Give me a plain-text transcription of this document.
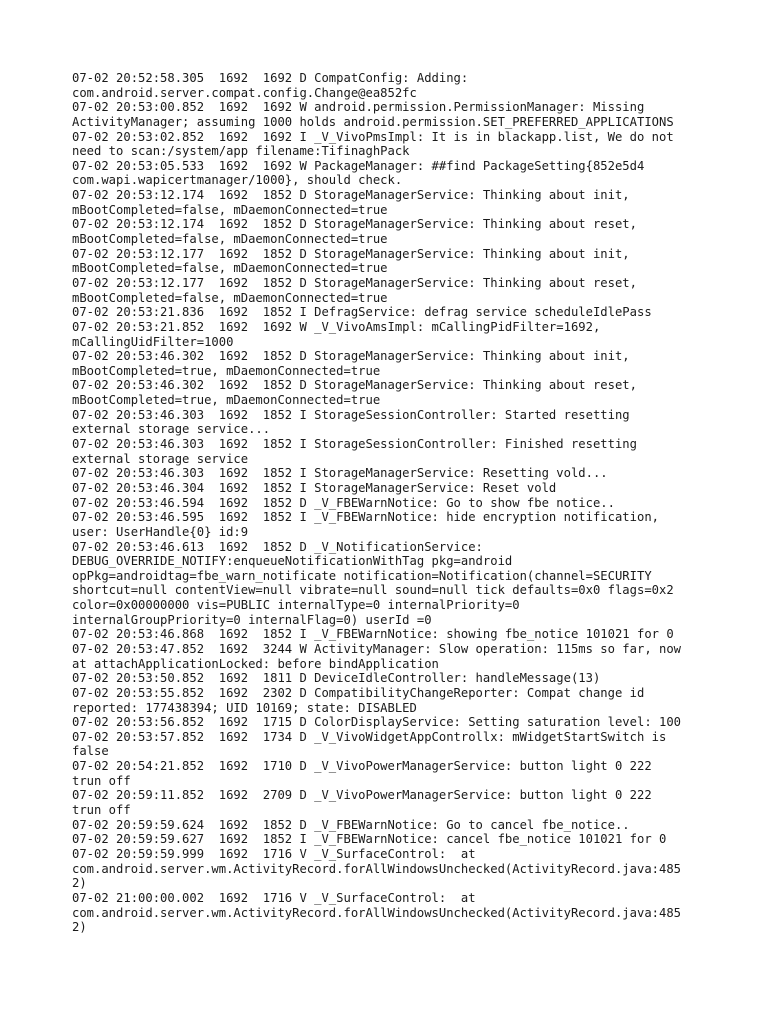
07-02 20:52:58.305  1692  1692 D CompatConfig: Adding:
com.android.server.compat.config.Change@ea852fc
07-02 20:53:00.852  1692  1692 W android.permission.PermissionManager: Missing
ActivityManager; assuming 1000 holds android.permission.SET_PREFERRED_APPLICATIONS
07-02 20:53:02.852  1692  1692 I _V_VivoPmsImpl: It is in blackapp.list, We do not
need to scan:/system/app filename:TifinaghPack
07-02 20:53:05.533  1692  1692 W PackageManager: ##find PackageSetting{852e5d4
com.wapi.wapicertmanager/1000}, should check.
07-02 20:53:12.174  1692  1852 D StorageManagerService: Thinking about init,
mBootCompleted=false, mDaemonConnected=true
07-02 20:53:12.174  1692  1852 D StorageManagerService: Thinking about reset,
mBootCompleted=false, mDaemonConnected=true
07-02 20:53:12.177  1692  1852 D StorageManagerService: Thinking about init,
mBootCompleted=false, mDaemonConnected=true
07-02 20:53:12.177  1692  1852 D StorageManagerService: Thinking about reset,
mBootCompleted=false, mDaemonConnected=true
07-02 20:53:21.836  1692  1852 I DefragService: defrag service scheduleIdlePass
07-02 20:53:21.852  1692  1692 W _V_VivoAmsImpl: mCallingPidFilter=1692,
mCallingUidFilter=1000
07-02 20:53:46.302  1692  1852 D StorageManagerService: Thinking about init,
mBootCompleted=true, mDaemonConnected=true
07-02 20:53:46.302  1692  1852 D StorageManagerService: Thinking about reset,
mBootCompleted=true, mDaemonConnected=true
07-02 20:53:46.303  1692  1852 I StorageSessionController: Started resetting
external storage service...
07-02 20:53:46.303  1692  1852 I StorageSessionController: Finished resetting
external storage service
07-02 20:53:46.303  1692  1852 I StorageManagerService: Resetting vold...
07-02 20:53:46.304  1692  1852 I StorageManagerService: Reset vold
07-02 20:53:46.594  1692  1852 D _V_FBEWarnNotice: Go to show fbe notice..
07-02 20:53:46.595  1692  1852 I _V_FBEWarnNotice: hide encryption notification,
user: UserHandle{0} id:9
07-02 20:53:46.613  1692  1852 D _V_NotificationService:
DEBUG_OVERRIDE_NOTIFY:enqueueNotificationWithTag pkg=android
opPkg=androidtag=fbe_warn_notificate notification=Notification(channel=SECURITY
shortcut=null contentView=null vibrate=null sound=null tick defaults=0x0 flags=0x2
color=0x00000000 vis=PUBLIC internalType=0 internalPriority=0
internalGroupPriority=0 internalFlag=0) userId =0
07-02 20:53:46.868  1692  1852 I _V_FBEWarnNotice: showing fbe_notice 101021 for 0
07-02 20:53:47.852  1692  3244 W ActivityManager: Slow operation: 115ms so far, now
at attachApplicationLocked: before bindApplication
07-02 20:53:50.852  1692  1811 D DeviceIdleController: handleMessage(13)
07-02 20:53:55.852  1692  2302 D CompatibilityChangeReporter: Compat change id
reported: 177438394; UID 10169; state: DISABLED
07-02 20:53:56.852  1692  1715 D ColorDisplayService: Setting saturation level: 100
07-02 20:53:57.852  1692  1734 D _V_VivoWidgetAppControllx: mWidgetStartSwitch is
false
07-02 20:54:21.852  1692  1710 D _V_VivoPowerManagerService: button light 0 222
trun off
07-02 20:59:11.852  1692  2709 D _V_VivoPowerManagerService: button light 0 222
trun off
07-02 20:59:59.624  1692  1852 D _V_FBEWarnNotice: Go to cancel fbe_notice..
07-02 20:59:59.627  1692  1852 I _V_FBEWarnNotice: cancel fbe_notice 101021 for 0
07-02 20:59:59.999  1692  1716 V _V_SurfaceControl:  at
com.android.server.wm.ActivityRecord.forAllWindowsUnchecked(ActivityRecord.java:485
2)
07-02 21:00:00.002  1692  1716 V _V_SurfaceControl:  at
com.android.server.wm.ActivityRecord.forAllWindowsUnchecked(ActivityRecord.java:485
2)
